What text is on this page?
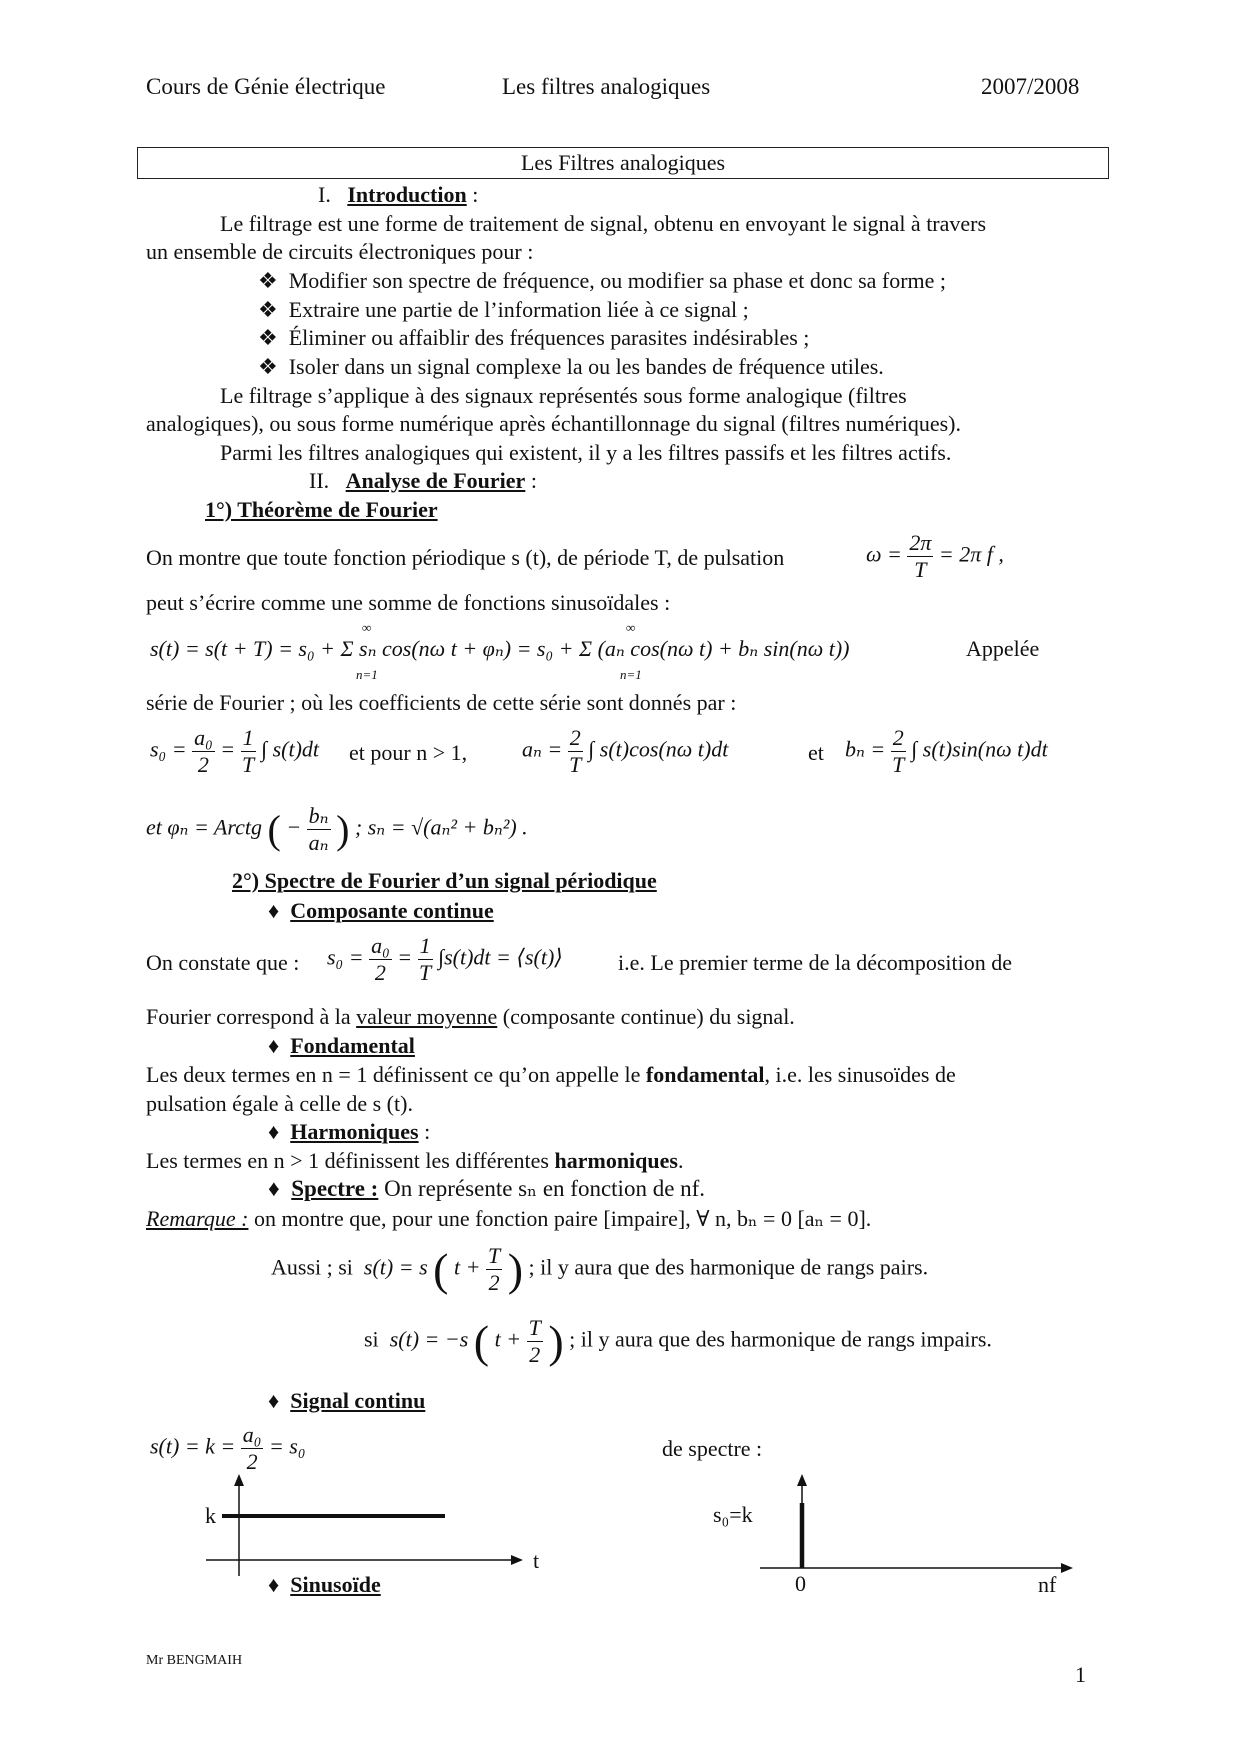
Cours de Génie électrique	Les filtres analogiques	2007/2008
Les Filtres analogiques
I. Introduction :
Le filtrage est une forme de traitement de signal, obtenu en envoyant le signal à travers
un ensemble de circuits électroniques pour :
❖ Modifier son spectre de fréquence, ou modifier sa phase et donc sa forme ;
❖ Extraire une partie de l’information liée à ce signal ;
❖ Éliminer ou affaiblir des fréquences parasites indésirables ;
❖ Isoler dans un signal complexe la ou les bandes de fréquence utiles.
Le filtrage s’applique à des signaux représentés sous forme analogique (filtres
analogiques), ou sous forme numérique après échantillonnage du signal (filtres numériques).
Parmi les filtres analogiques qui existent, il y a les filtres passifs et les filtres actifs.
II. Analyse de Fourier :
1°) Théorème de Fourier
On montre que toute fonction périodique s (t), de période T, de pulsation	$\omega = \frac{2\pi}{T} = 2\pi$ f ,
peut s’écrire comme une somme de fonctions sinusoïdales :
s(t) = s(t + T) = s₀ + Σ sₙ cos(nω t + φₙ) = s₀ + Σ (aₙ cos(nω t) + bₙ sin(nω t))
∞
n=1
∞
n=1
Appelée
série de Fourier ; où les coefficients de cette série sont donnés par :
$s_0 = \frac{\text{a₀}}{2} = \frac{1}{T}$ ∫ s(t)dt et pour n > 1, $a_n = \frac{2}{T}$ ∫ s(t)cos(nω t)dt	et $b_n = \frac{2}{T}$ ∫ s(t)sin(nω t)dt
et φₙ = Arctg ( − $\frac{\text{bₙ}}{\text{aₙ}}$ ) ; sₙ = √(aₙ² + bₙ²) .
2°) Spectre de Fourier d’un signal périodique
♦ Composante continue
On constate que : $s_0 = \frac{\text{a₀}}{2} = \frac{1}{T} \int s(t)dt$ = ⟨s(t)⟩	i.e. Le premier terme de la décomposition de
Fourier correspond à la valeur moyenne (composante continue) du signal.
♦ Fondamental
Les deux termes en n = 1 définissent ce qu’on appelle le fondamental, i.e. les sinusoïdes de
pulsation égale à celle de s (t).
♦ Harmoniques :
Les termes en n > 1 définissent les différentes harmoniques.
♦ Spectre : On représente sₙ en fonction de nf.
Remarque : on montre que, pour une fonction paire [impaire], ∀ n, bₙ = 0 [aₙ = 0].
Aussi ; si s(t) = s ( $t + \frac{T}{2}$ ) ; il y aura que des harmonique de rangs pairs.
si s(t) = −s ( $t + \frac{T}{2}$ ) ; il y aura que des harmonique de rangs impairs.
♦ Signal continu
$s(t) = k = \frac{\text{a₀}}{2} = s_0$	de spectre :
k
t
s₀=k
0	nf
♦ Sinusoïde
Mr BENGMAIH
1
